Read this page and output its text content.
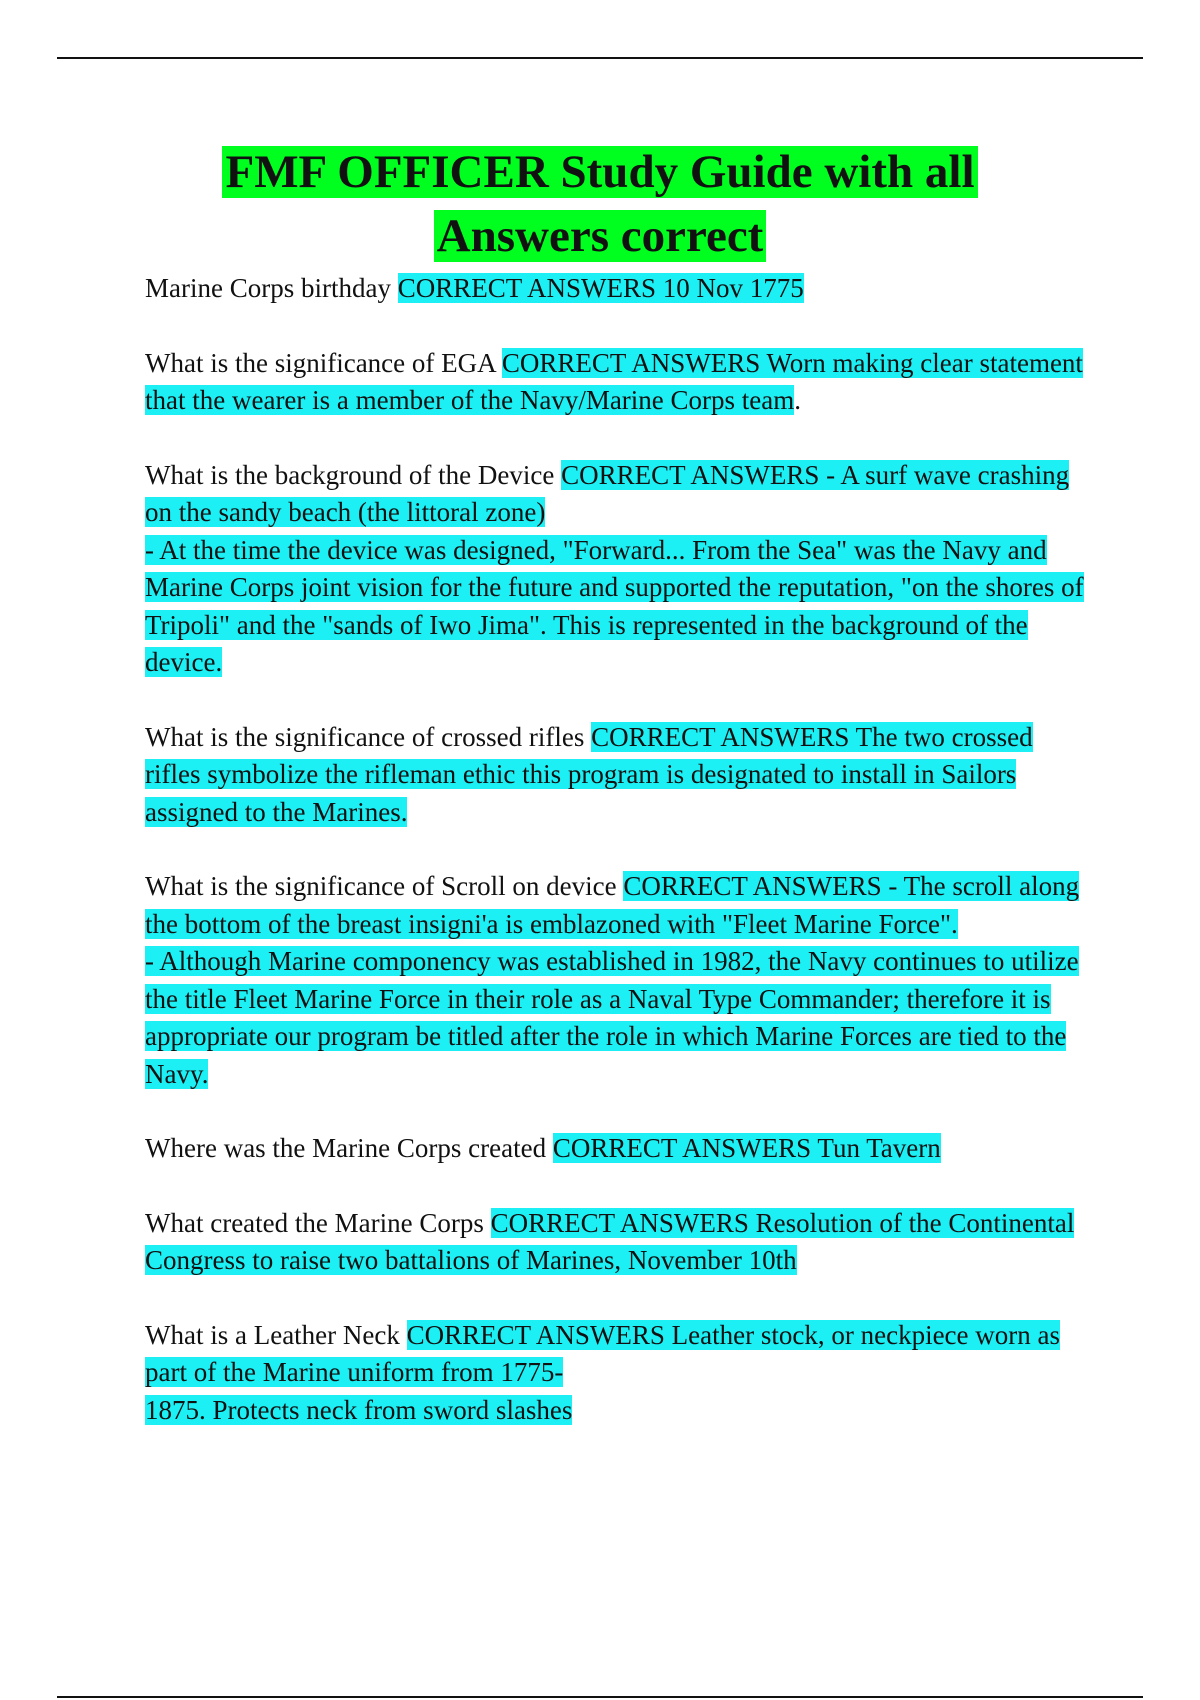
FMF OFFICER Study Guide with all
Answers correct

Marine Corps birthday CORRECT ANSWERS 10 Nov 1775

What is the significance of EGA CORRECT ANSWERS Worn making clear statement that the wearer is a member of the Navy/Marine Corps team.

What is the background of the Device CORRECT ANSWERS - A surf wave crashing on the sandy beach (the littoral zone)
- At the time the device was designed, "Forward... From the Sea" was the Navy and Marine Corps joint vision for the future and supported the reputation, "on the shores of Tripoli" and the "sands of Iwo Jima". This is represented in the background of the device.

What is the significance of crossed rifles CORRECT ANSWERS The two crossed rifles symbolize the rifleman ethic this program is designated to install in Sailors assigned to the Marines.

What is the significance of Scroll on device CORRECT ANSWERS - The scroll along the bottom of the breast insigni'a is emblazoned with "Fleet Marine Force".
- Although Marine componency was established in 1982, the Navy continues to utilize the title Fleet Marine Force in their role as a Naval Type Commander; therefore it is appropriate our program be titled after the role in which Marine Forces are tied to the Navy.

Where was the Marine Corps created CORRECT ANSWERS Tun Tavern

What created the Marine Corps CORRECT ANSWERS Resolution of the Continental Congress to raise two battalions of Marines, November 10th

What is a Leather Neck CORRECT ANSWERS Leather stock, or neckpiece worn as part of the Marine uniform from 1775-
1875. Protects neck from sword slashes
